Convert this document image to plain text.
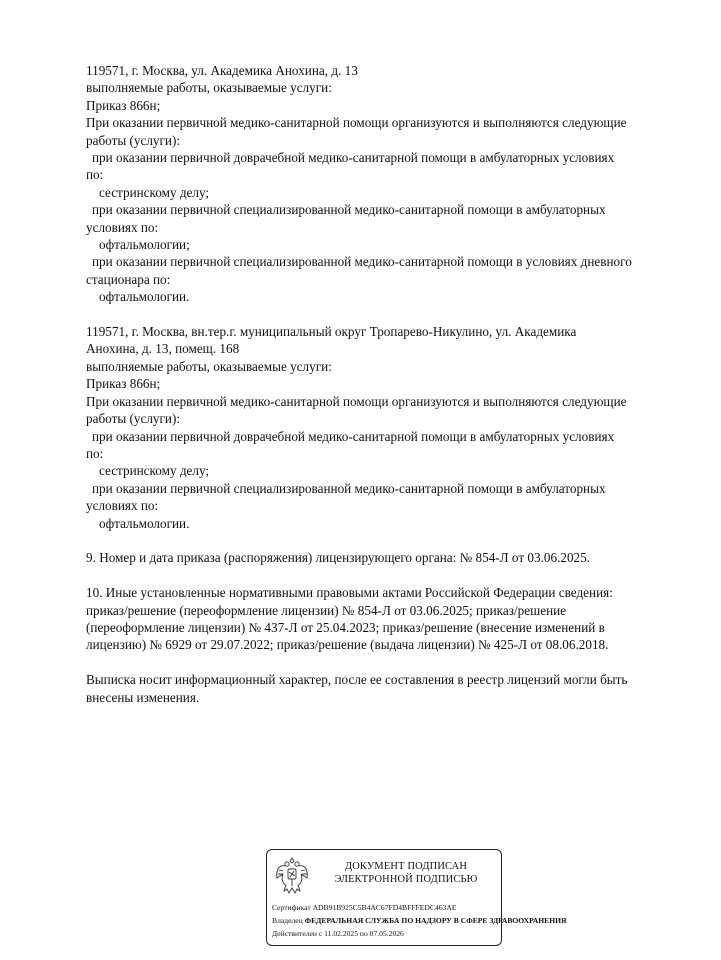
119571, г. Москва, ул. Академика Анохина, д. 13

выполняемые работы, оказываемые услуги:

Приказ 866н;

При оказании первичной медико-санитарной помощи организуются и выполняются следующие

работы (услуги):

при оказании первичной доврачебной медико-санитарной помощи в амбулаторных условиях

по:

сестринскому делу;

при оказании первичной специализированной медико-санитарной помощи в амбулаторных

условиях по:

офтальмологии;

при оказании первичной специализированной медико-санитарной помощи в условиях дневного

стационара по:

офтальмологии.

119571, г. Москва, вн.тер.г. муниципальный округ Тропарево-Никулино, ул. Академика

Анохина, д. 13, помещ. 168

выполняемые работы, оказываемые услуги:

Приказ 866н;

При оказании первичной медико-санитарной помощи организуются и выполняются следующие

работы (услуги):

при оказании первичной доврачебной медико-санитарной помощи в амбулаторных условиях

по:

сестринскому делу;

при оказании первичной специализированной медико-санитарной помощи в амбулаторных

условиях по:

офтальмологии.

9. Номер и дата приказа (распоряжения) лицензирующего органа: № 854-Л от 03.06.2025.

10. Иные установленные нормативными правовыми актами Российской Федерации сведения:

приказ/решение (переоформление лицензии) № 854-Л от 03.06.2025; приказ/решение

(переоформление лицензии) № 437-Л от 25.04.2023; приказ/решение (внесение изменений в

лицензию) № 6929 от 29.07.2022; приказ/решение (выдача лицензии) № 425-Л от 08.06.2018.

Выписка носит информационный характер, после ее составления в реестр лицензий могли быть

внесены изменения.

ДОКУМЕНТ ПОДПИСАН
ЭЛЕКТРОННОЙ ПОДПИСЬЮ
Сертификат ADB91B925C5B4AC67FD4BFFFEDC463AE
Владелец ФЕДЕРАЛЬНАЯ СЛУЖБА ПО НАДЗОРУ В СФЕРЕ ЗДРАВООХРАНЕНИЯ
Действителен с 11.02.2025 по 07.05.2026
